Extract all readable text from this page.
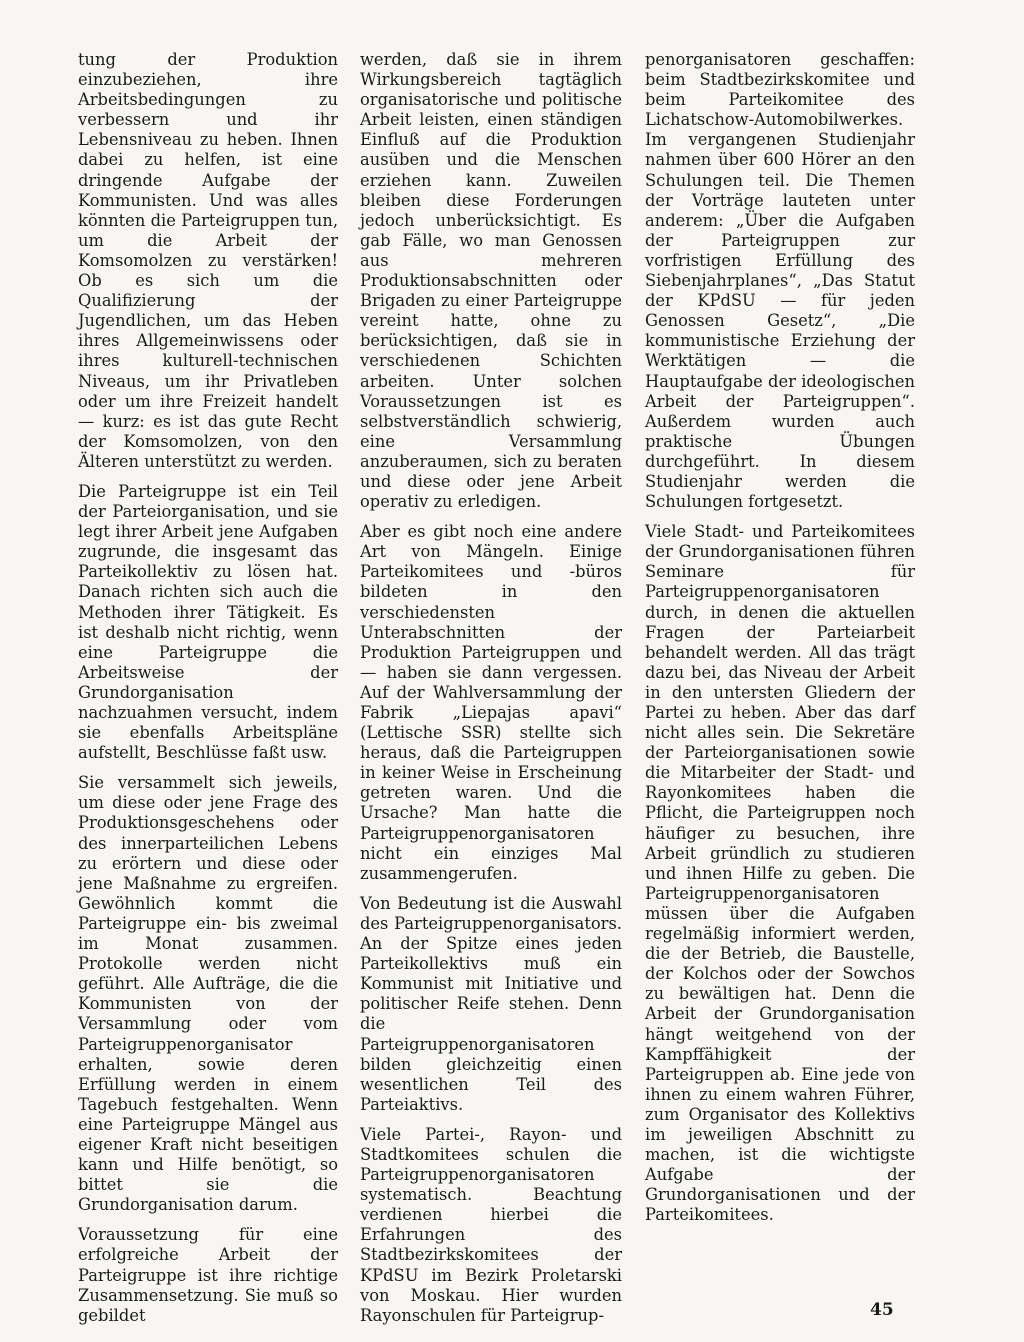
tung der Produktion einzubeziehen, ihre Arbeitsbedingungen zu verbessern und ihr Lebensniveau zu heben. Ihnen dabei zu helfen, ist eine dringende Aufgabe der Kommunisten. Und was alles könnten die Parteigruppen tun, um die Arbeit der Komsomolzen zu verstärken! Ob es sich um die Qualifizierung der Jugendlichen, um das Heben ihres Allgemeinwissens oder ihres kulturell-technischen Niveaus, um ihr Privatleben oder um ihre Freizeit handelt — kurz: es ist das gute Recht der Komsomolzen, von den Älteren unterstützt zu werden.

Die Parteigruppe ist ein Teil der Parteiorganisation, und sie legt ihrer Arbeit jene Aufgaben zugrunde, die insgesamt das Parteikollektiv zu lösen hat. Danach richten sich auch die Methoden ihrer Tätigkeit. Es ist deshalb nicht richtig, wenn eine Parteigruppe die Arbeitsweise der Grundorganisation nachzuahmen versucht, indem sie ebenfalls Arbeitspläne aufstellt, Beschlüsse faßt usw.

Sie versammelt sich jeweils, um diese oder jene Frage des Produktionsgeschehens oder des innerparteilichen Lebens zu erörtern und diese oder jene Maßnahme zu ergreifen. Gewöhnlich kommt die Parteigruppe ein- bis zweimal im Monat zusammen. Protokolle werden nicht geführt. Alle Aufträge, die die Kommunisten von der Versammlung oder vom Parteigruppenorganisator erhalten, sowie deren Erfüllung werden in einem Tagebuch festgehalten. Wenn eine Parteigruppe Mängel aus eigener Kraft nicht beseitigen kann und Hilfe benötigt, so bittet sie die Grundorganisation darum.

Voraussetzung für eine erfolgreiche Arbeit der Parteigruppe ist ihre richtige Zusammensetzung. Sie muß so gebildet

werden, daß sie in ihrem Wirkungsbereich tagtäglich organisatorische und politische Arbeit leisten, einen ständigen Einfluß auf die Produktion ausüben und die Menschen erziehen kann. Zuweilen bleiben diese Forderungen jedoch unberücksichtigt. Es gab Fälle, wo man Genossen aus mehreren Produktionsabschnitten oder Brigaden zu einer Parteigruppe vereint hatte, ohne zu berücksichtigen, daß sie in verschiedenen Schichten arbeiten. Unter solchen Voraussetzungen ist es selbstverständlich schwierig, eine Versammlung anzuberaumen, sich zu beraten und diese oder jene Arbeit operativ zu erledigen.

Aber es gibt noch eine andere Art von Mängeln. Einige Parteikomitees und -büros bildeten in den verschiedensten Unterabschnitten der Produktion Parteigruppen und — haben sie dann vergessen. Auf der Wahlversammlung der Fabrik „Liepajas apavi“ (Lettische SSR) stellte sich heraus, daß die Parteigruppen in keiner Weise in Erscheinung getreten waren. Und die Ursache? Man hatte die Parteigruppenorganisatoren nicht ein einziges Mal zusammengerufen.

Von Bedeutung ist die Auswahl des Parteigruppenorganisators. An der Spitze eines jeden Parteikollektivs muß ein Kommunist mit Initiative und politischer Reife stehen. Denn die Parteigruppenorganisatoren bilden gleichzeitig einen wesentlichen Teil des Parteiaktivs.

Viele Partei-, Rayon- und Stadtkomitees schulen die Parteigruppenorganisatoren systematisch. Beachtung verdienen hierbei die Erfahrungen des Stadtbezirkskomitees der KPdSU im Bezirk Proletarski von Moskau. Hier wurden Rayonschulen für Parteigrup-

penorganisatoren geschaffen: beim Stadtbezirkskomitee und beim Parteikomitee des Lichatschow-Automobilwerkes. Im vergangenen Studienjahr nahmen über 600 Hörer an den Schulungen teil. Die Themen der Vorträge lauteten unter anderem: „Über die Aufgaben der Parteigruppen zur vorfristigen Erfüllung des Siebenjahrplanes“, „Das Statut der KPdSU — für jeden Genossen Gesetz“, „Die kommunistische Erziehung der Werktätigen — die Hauptaufgabe der ideologischen Arbeit der Parteigruppen“. Außerdem wurden auch praktische Übungen durchgeführt. In diesem Studienjahr werden die Schulungen fortgesetzt.

Viele Stadt- und Parteikomitees der Grundorganisationen führen Seminare für Parteigruppenorganisatoren durch, in denen die aktuellen Fragen der Parteiarbeit behandelt werden. All das trägt dazu bei, das Niveau der Arbeit in den untersten Gliedern der Partei zu heben. Aber das darf nicht alles sein. Die Sekretäre der Parteiorganisationen sowie die Mitarbeiter der Stadt- und Rayonkomitees haben die Pflicht, die Parteigruppen noch häufiger zu besuchen, ihre Arbeit gründlich zu studieren und ihnen Hilfe zu geben. Die Parteigruppenorganisatoren müssen über die Aufgaben regelmäßig informiert werden, die der Betrieb, die Baustelle, der Kolchos oder der Sowchos zu bewältigen hat. Denn die Arbeit der Grundorganisation hängt weitgehend von der Kampffähigkeit der Parteigruppen ab. Eine jede von ihnen zu einem wahren Führer, zum Organisator des Kollektivs im jeweiligen Abschnitt zu machen, ist die wichtigste Aufgabe der Grundorganisationen und der Parteikomitees.

45
